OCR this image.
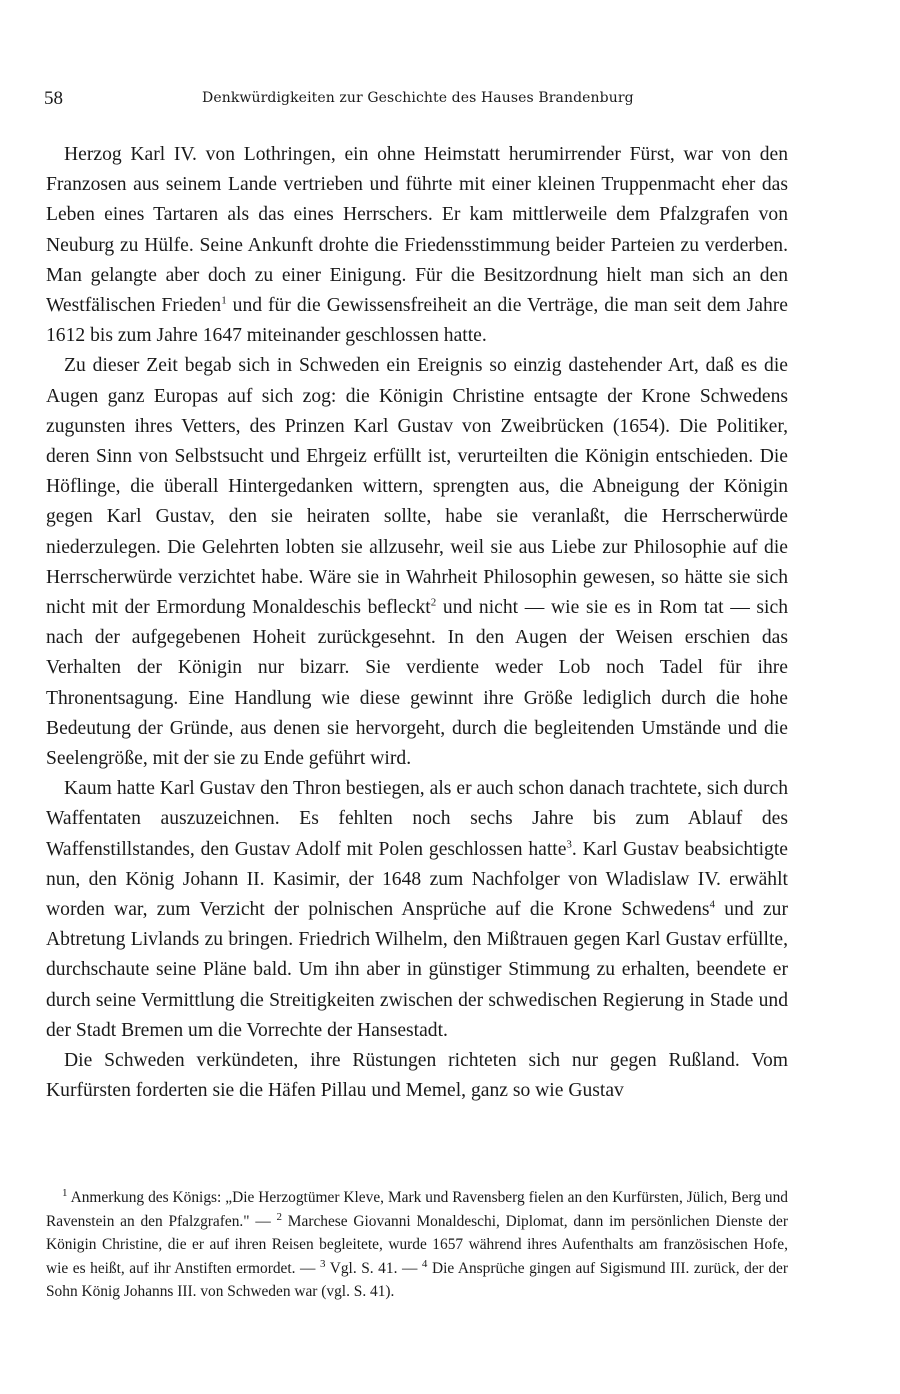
58	Denkwürdigkeiten zur Geschichte des Hauses Brandenburg

Herzog Karl IV. von Lothringen, ein ohne Heimstatt herumirrender Fürst, war von den Franzosen aus seinem Lande vertrieben und führte mit einer kleinen Truppenmacht eher das Leben eines Tartaren als das eines Herrschers. Er kam mittlerweile dem Pfalzgrafen von Neuburg zu Hülfe. Seine Ankunft drohte die Friedensstimmung beider Parteien zu verderben. Man gelangte aber doch zu einer Einigung. Für die Besitzordnung hielt man sich an den Westfälischen Frieden$^1$ und für die Gewissensfreiheit an die Verträge, die man seit dem Jahre 1612 bis zum Jahre 1647 miteinander geschlossen hatte.

Zu dieser Zeit begab sich in Schweden ein Ereignis so einzig dastehender Art, daß es die Augen ganz Europas auf sich zog: die Königin Christine entsagte der Krone Schwedens zugunsten ihres Vetters, des Prinzen Karl Gustav von Zweibrücken (1654). Die Politiker, deren Sinn von Selbstsucht und Ehrgeiz erfüllt ist, verurteilten die Königin entschieden. Die Höflinge, die überall Hintergedanken wittern, sprengten aus, die Abneigung der Königin gegen Karl Gustav, den sie heiraten sollte, habe sie veranlaßt, die Herrscherwürde niederzulegen. Die Gelehrten lobten sie allzusehr, weil sie aus Liebe zur Philosophie auf die Herrscherwürde verzichtet habe. Wäre sie in Wahrheit Philosophin gewesen, so hätte sie sich nicht mit der Ermordung Monaldeschis befleckt$^2$ und nicht — wie sie es in Rom tat — sich nach der aufgegebenen Hoheit zurückgesehnt. In den Augen der Weisen erschien das Verhalten der Königin nur bizarr. Sie verdiente weder Lob noch Tadel für ihre Thronentsagung. Eine Handlung wie diese gewinnt ihre Größe lediglich durch die hohe Bedeutung der Gründe, aus denen sie hervorgeht, durch die begleitenden Umstände und die Seelengröße, mit der sie zu Ende geführt wird.

Kaum hatte Karl Gustav den Thron bestiegen, als er auch schon danach trachtete, sich durch Waffentaten auszuzeichnen. Es fehlten noch sechs Jahre bis zum Ablauf des Waffenstillstandes, den Gustav Adolf mit Polen geschlossen hatte$^3$. Karl Gustav beabsichtigte nun, den König Johann II. Kasimir, der 1648 zum Nachfolger von Wladislaw IV. erwählt worden war, zum Verzicht der polnischen Ansprüche auf die Krone Schwedens$^4$ und zur Abtretung Livlands zu bringen. Friedrich Wilhelm, den Mißtrauen gegen Karl Gustav erfüllte, durchschaute seine Pläne bald. Um ihn aber in günstiger Stimmung zu erhalten, beendete er durch seine Vermittlung die Streitigkeiten zwischen der schwedischen Regierung in Stade und der Stadt Bremen um die Vorrechte der Hansestadt.

Die Schweden verkündeten, ihre Rüstungen richteten sich nur gegen Rußland. Vom Kurfürsten forderten sie die Häfen Pillau und Memel, ganz so wie Gustav

$^1$ Anmerkung des Königs: „Die Herzogtümer Kleve, Mark und Ravensberg fielen an den Kurfürsten, Jülich, Berg und Ravenstein an den Pfalzgrafen." — $^2$ Marchese Giovanni Monaldeschi, Diplomat, dann im persönlichen Dienste der Königin Christine, die er auf ihren Reisen begleitete, wurde 1657 während ihres Aufenthalts am französischen Hofe, wie es heißt, auf ihr Anstiften ermordet. — $^3$ Vgl. S. 41. — $^4$ Die Ansprüche gingen auf Sigismund III. zurück, der der Sohn König Johanns III. von Schweden war (vgl. S. 41).
